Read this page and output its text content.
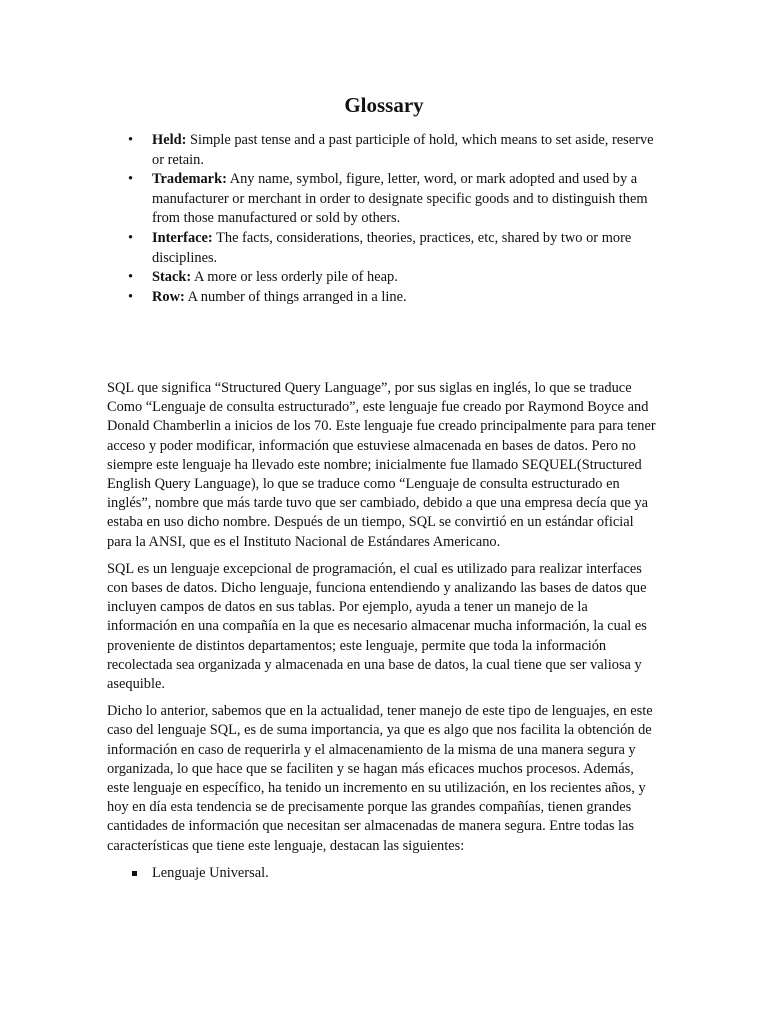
Glossary
• Held: Simple past tense and a past participle of hold, which means to set aside, reserve or retain.
• Trademark: Any name, symbol, figure, letter, word, or mark adopted and used by a manufacturer or merchant in order to designate specific goods and to distinguish them from those manufactured or sold by others.
• Interface: The facts, considerations, theories, practices, etc, shared by two or more disciplines.
• Stack: A more or less orderly pile of heap.
• Row: A number of things arranged in a line.

SQL que significa “Structured Query Language”, por sus siglas en inglés, lo que se traduce Como “Lenguaje de consulta estructurado”, este lenguaje fue creado por Raymond Boyce and Donald Chamberlin a inicios de los 70. Este lenguaje fue creado principalmente para para tener acceso y poder modificar, información que estuviese almacenada en bases de datos. Pero no siempre este lenguaje ha llevado este nombre; inicialmente fue llamado SEQUEL(Structured English Query Language), lo que se traduce como “Lenguaje de consulta estructurado en inglés”, nombre que más tarde tuvo que ser cambiado, debido a que una empresa decía que ya estaba en uso dicho nombre. Después de un tiempo, SQL se convirtió en un estándar oficial para la ANSI, que es el Instituto Nacional de Estándares Americano.

SQL es un lenguaje excepcional de programación, el cual es utilizado para realizar interfaces con bases de datos. Dicho lenguaje, funciona entendiendo y analizando las bases de datos que incluyen campos de datos en sus tablas. Por ejemplo, ayuda a tener un manejo de la información en una compañía en la que es necesario almacenar mucha información, la cual es proveniente de distintos departamentos; este lenguaje, permite que toda la información recolectada sea organizada y almacenada en una base de datos, la cual tiene que ser valiosa y asequible.

Dicho lo anterior, sabemos que en la actualidad, tener manejo de este tipo de lenguajes, en este caso del lenguaje SQL, es de suma importancia, ya que es algo que nos facilita la obtención de información en caso de requerirla y el almacenamiento de la misma de una manera segura y organizada, lo que hace que se faciliten y se hagan más eficaces muchos procesos. Además, este lenguaje en específico, ha tenido un incremento en su utilización, en los recientes años, y hoy en día esta tendencia se de precisamente porque las grandes compañías, tienen grandes cantidades de información que necesitan ser almacenadas de manera segura. Entre todas las características que tiene este lenguaje, destacan las siguientes:

Lenguaje Universal.
